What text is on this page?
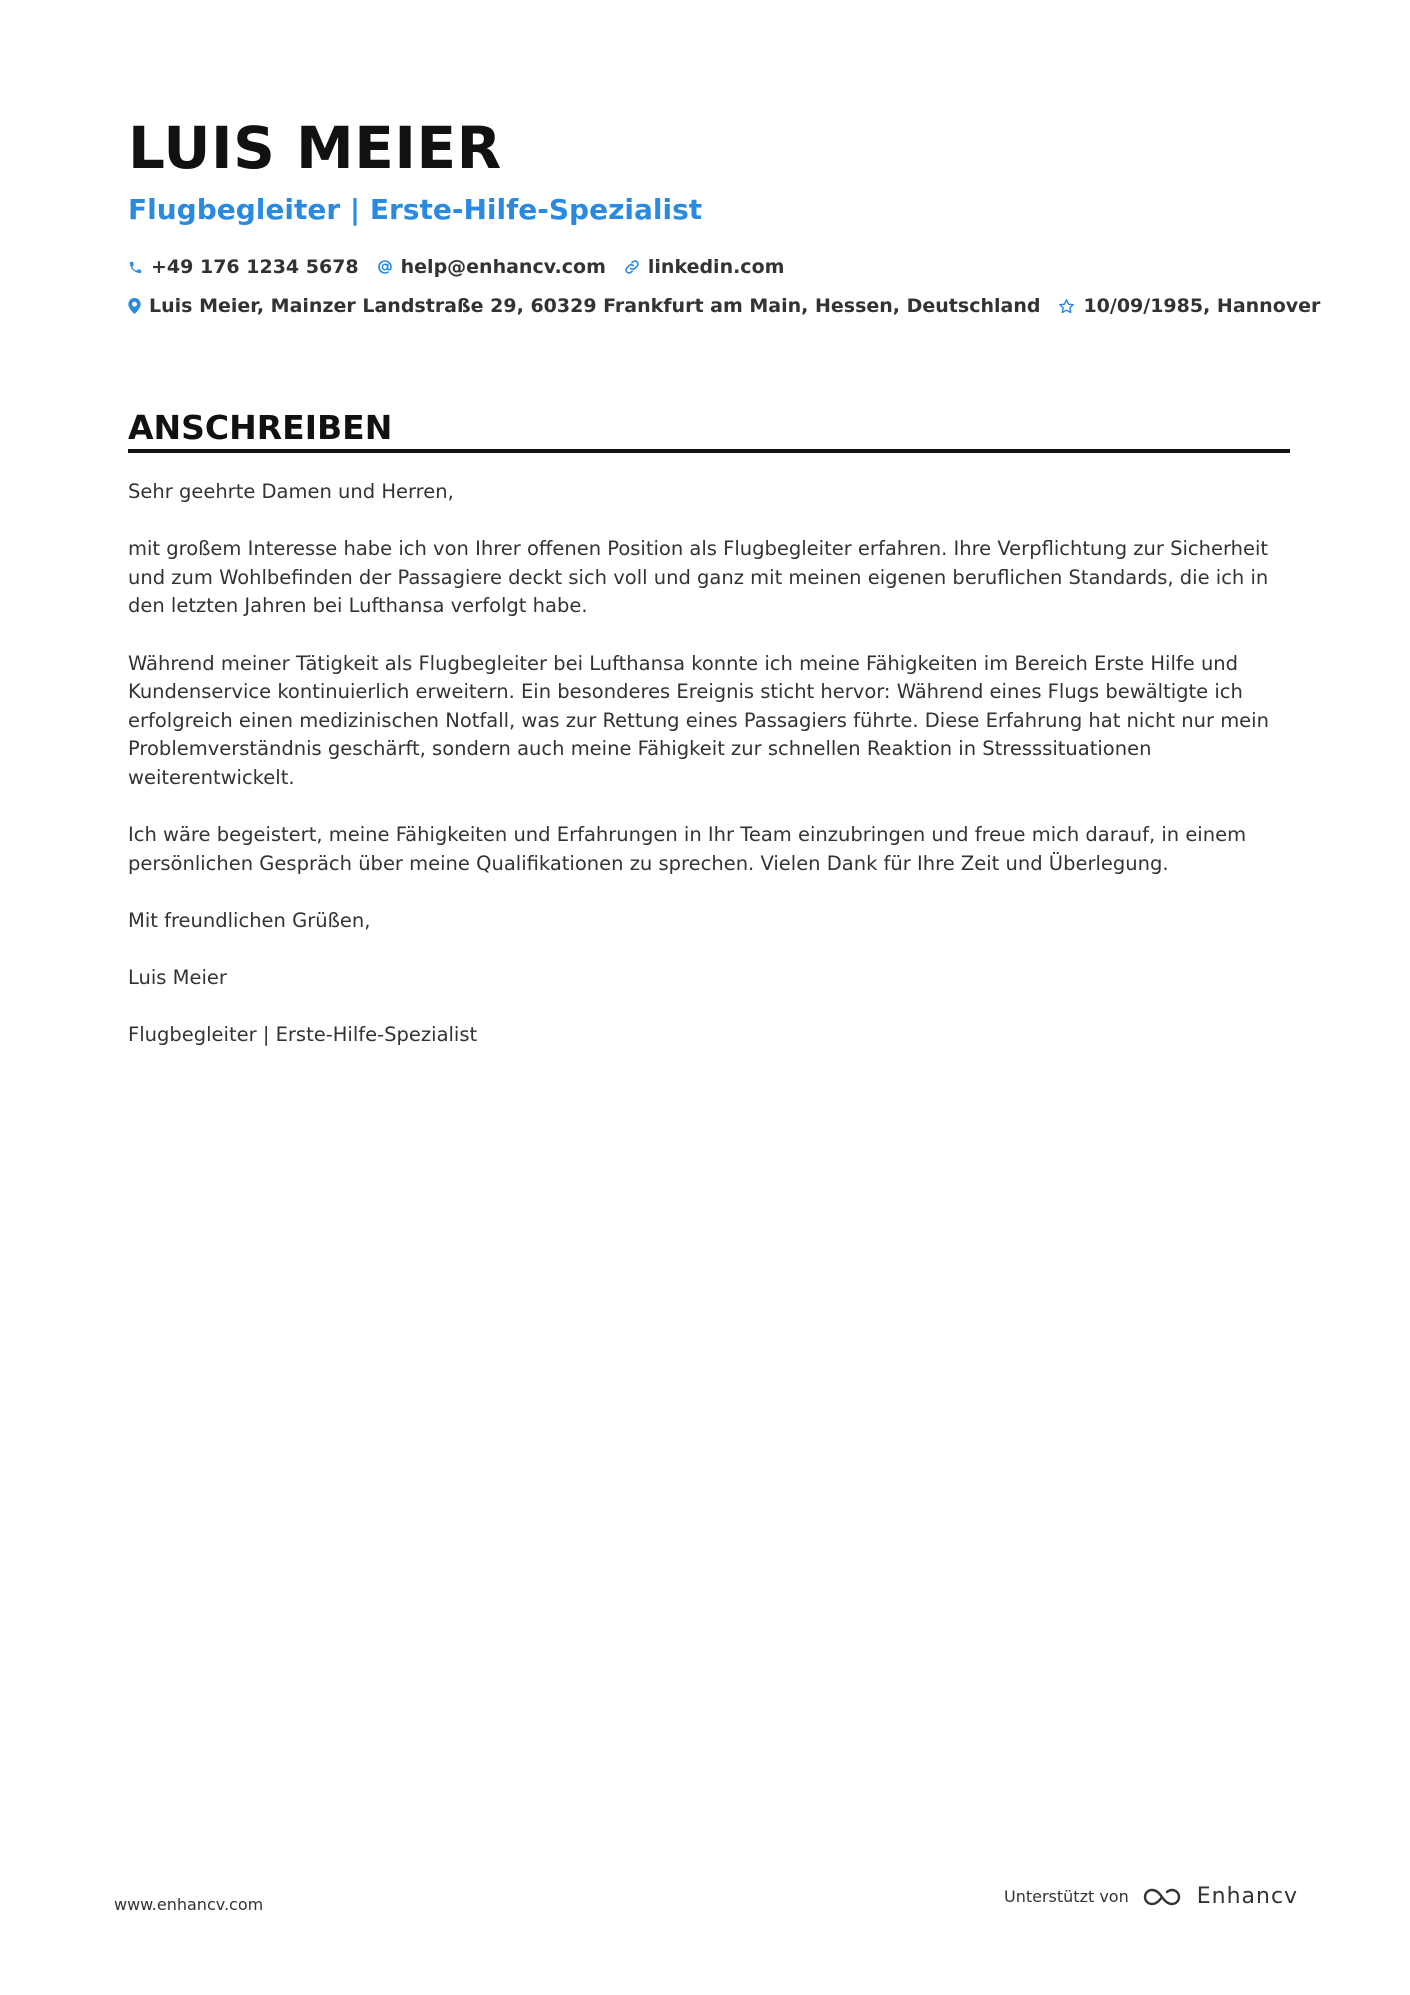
LUIS MEIER
Flugbegleiter | Erste-Hilfe-Spezialist
+49 176 1234 5678 help@enhancv.com linkedin.com
Luis Meier, Mainzer Landstraße 29, 60329 Frankfurt am Main, Hessen, Deutschland 10/09/1985, Hannover
ANSCHREIBEN

Sehr geehrte Damen und Herren,

mit großem Interesse habe ich von Ihrer offenen Position als Flugbegleiter erfahren. Ihre Verpflichtung zur Sicherheit und zum Wohlbefinden der Passagiere deckt sich voll und ganz mit meinen eigenen beruflichen Standards, die ich in den letzten Jahren bei Lufthansa verfolgt habe.

Während meiner Tätigkeit als Flugbegleiter bei Lufthansa konnte ich meine Fähigkeiten im Bereich Erste Hilfe und Kundenservice kontinuierlich erweitern. Ein besonderes Ereignis sticht hervor: Während eines Flugs bewältigte ich erfolgreich einen medizinischen Notfall, was zur Rettung eines Passagiers führte. Diese Erfahrung hat nicht nur mein Problemverständnis geschärft, sondern auch meine Fähigkeit zur schnellen Reaktion in Stresssituationen weiterentwickelt.

Ich wäre begeistert, meine Fähigkeiten und Erfahrungen in Ihr Team einzubringen und freue mich darauf, in einem persönlichen Gespräch über meine Qualifikationen zu sprechen. Vielen Dank für Ihre Zeit und Überlegung.

Mit freundlichen Grüßen,

Luis Meier

Flugbegleiter | Erste-Hilfe-Spezialist

www.enhancv.com	Unterstützt von	Enhancv
